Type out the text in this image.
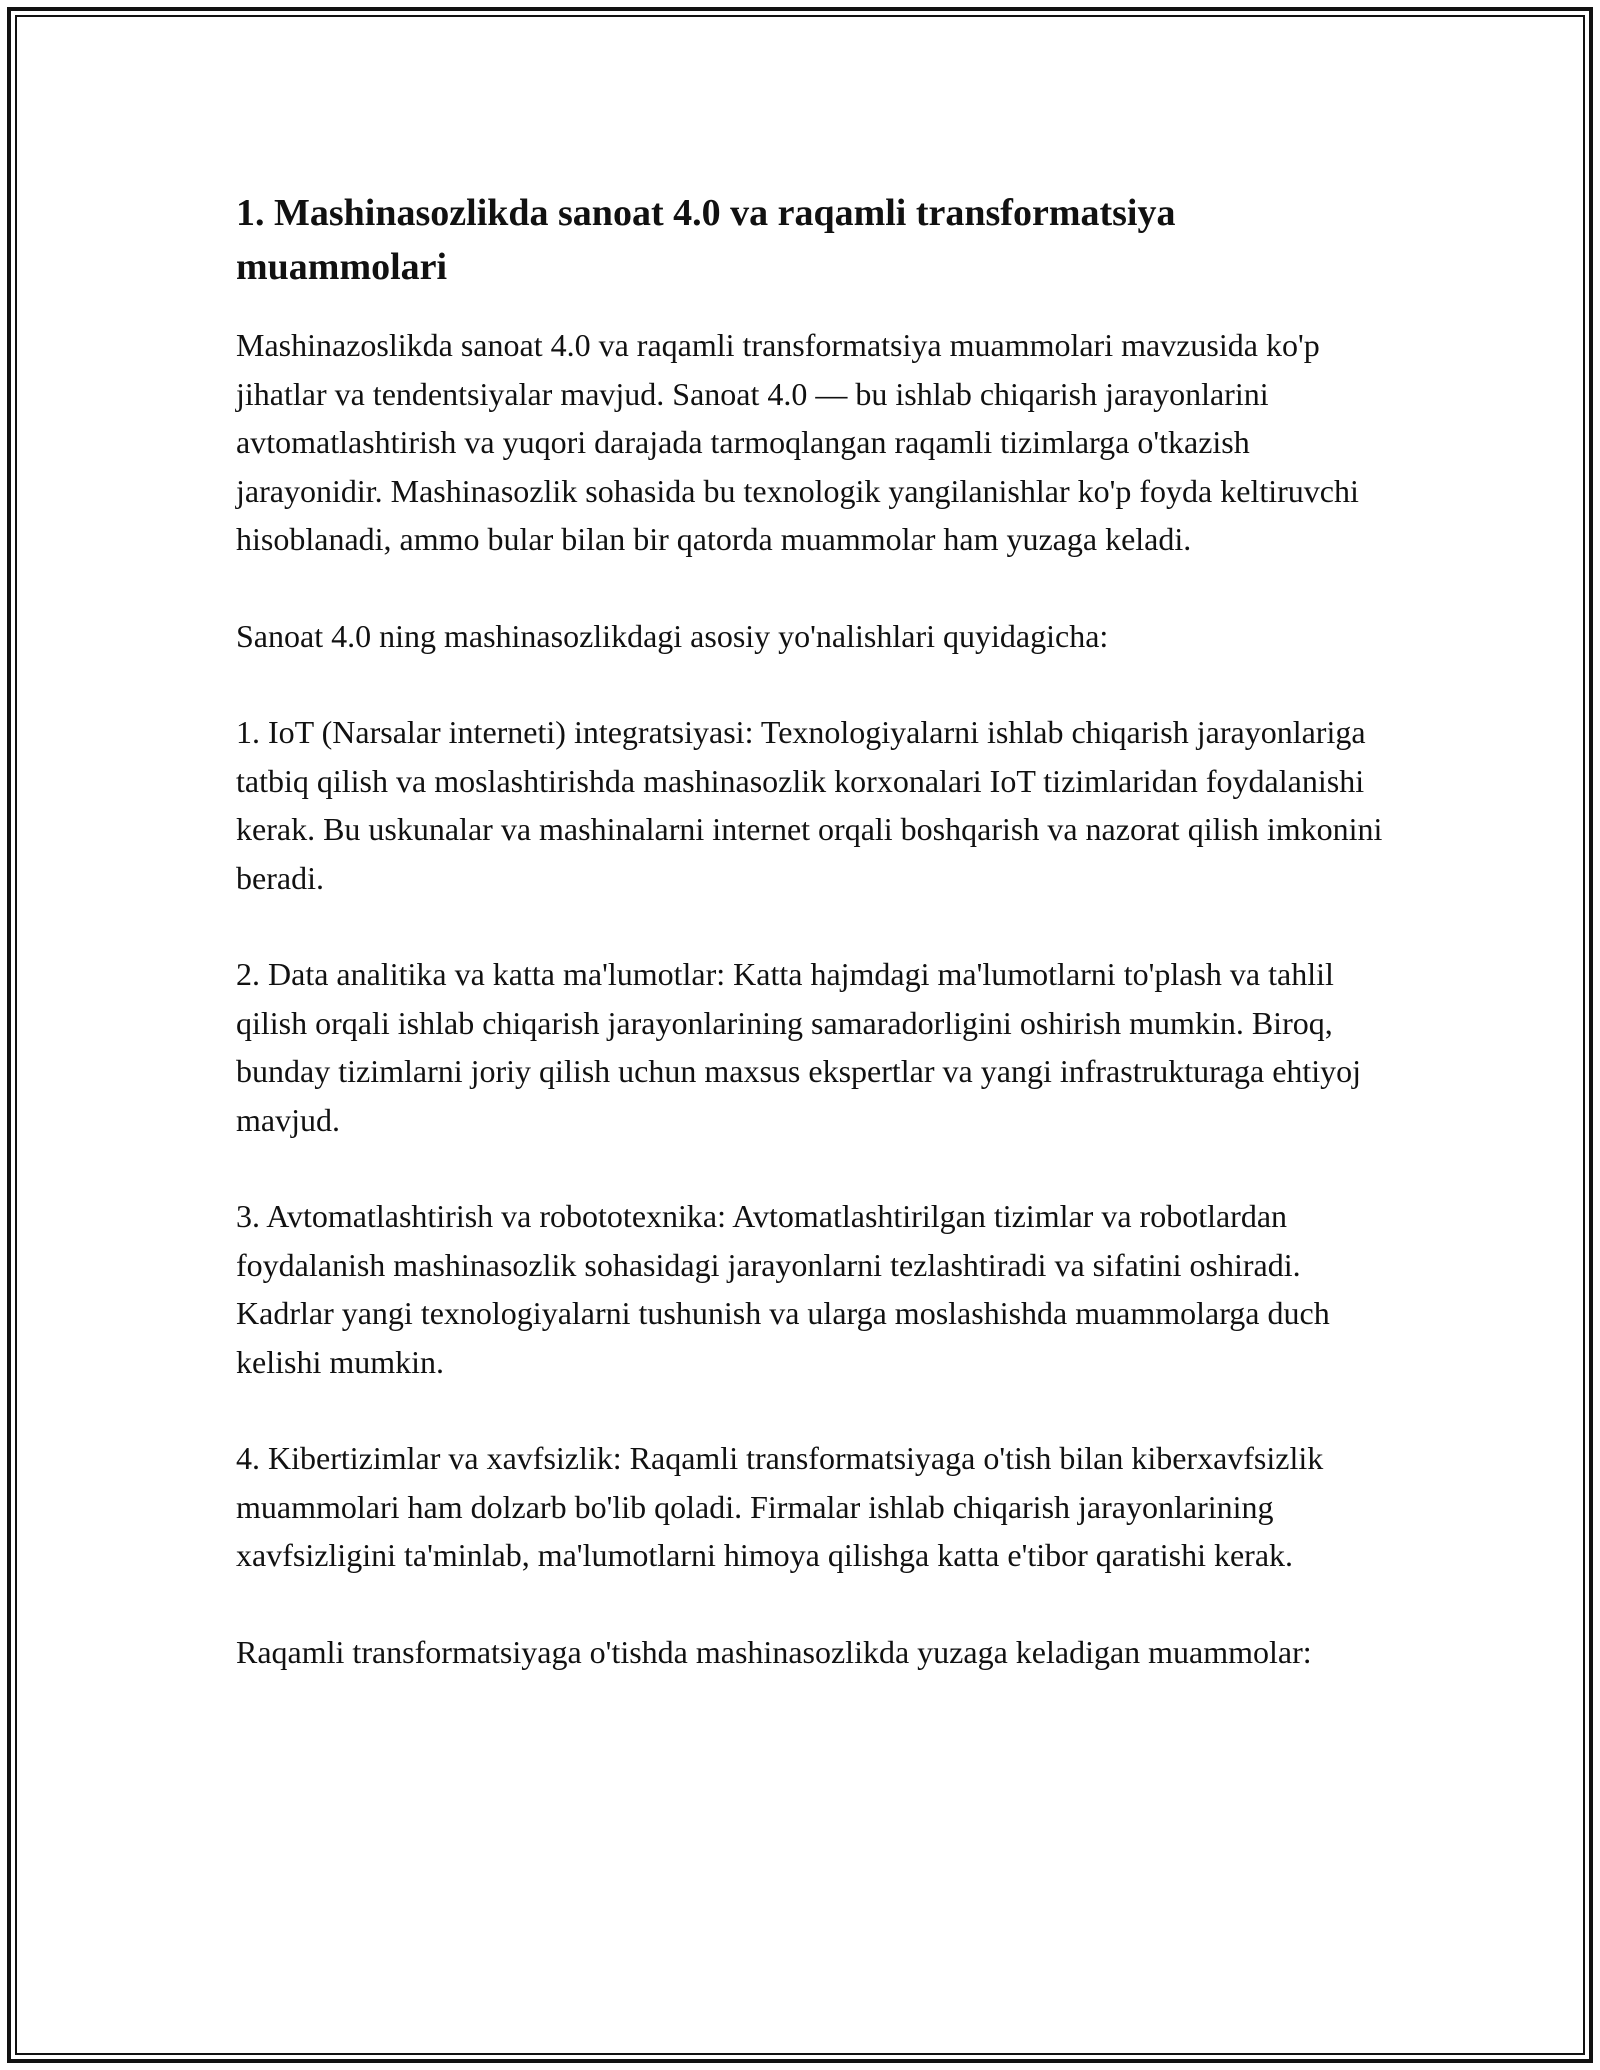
1. Mashinasozlikda sanoat 4.0 va raqamli transformatsiya muammolari

Mashinazoslikda sanoat 4.0 va raqamli transformatsiya muammolari mavzusida ko'p jihatlar va tendentsiyalar mavjud. Sanoat 4.0 — bu ishlab chiqarish jarayonlarini avtomatlashtirish va yuqori darajada tarmoqlangan raqamli tizimlarga o'tkazish jarayonidir. Mashinasozlik sohasida bu texnologik yangilanishlar ko'p foyda keltiruvchi hisoblanadi, ammo bular bilan bir qatorda muammolar ham yuzaga keladi.

Sanoat 4.0 ning mashinasozlikdagi asosiy yo'nalishlari quyidagicha:

1. IoT (Narsalar interneti) integratsiyasi: Texnologiyalarni ishlab chiqarish jarayonlariga tatbiq qilish va moslashtirishda mashinasozlik korxonalari IoT tizimlaridan foydalanishi kerak. Bu uskunalar va mashinalarni internet orqali boshqarish va nazorat qilish imkonini beradi.

2. Data analitika va katta ma'lumotlar: Katta hajmdagi ma'lumotlarni to'plash va tahlil qilish orqali ishlab chiqarish jarayonlarining samaradorligini oshirish mumkin. Biroq, bunday tizimlarni joriy qilish uchun maxsus ekspertlar va yangi infrastrukturaga ehtiyoj mavjud.

3. Avtomatlashtirish va robototexnika: Avtomatlashtirilgan tizimlar va robotlardan foydalanish mashinasozlik sohasidagi jarayonlarni tezlashtiradi va sifatini oshiradi. Kadrlar yangi texnologiyalarni tushunish va ularga moslashishda muammolarga duch kelishi mumkin.

4. Kibertizimlar va xavfsizlik: Raqamli transformatsiyaga o'tish bilan kiberxavfsizlik muammolari ham dolzarb bo'lib qoladi. Firmalar ishlab chiqarish jarayonlarining xavfsizligini ta'minlab, ma'lumotlarni himoya qilishga katta e'tibor qaratishi kerak.

Raqamli transformatsiyaga o'tishda mashinasozlikda yuzaga keladigan muammolar:
